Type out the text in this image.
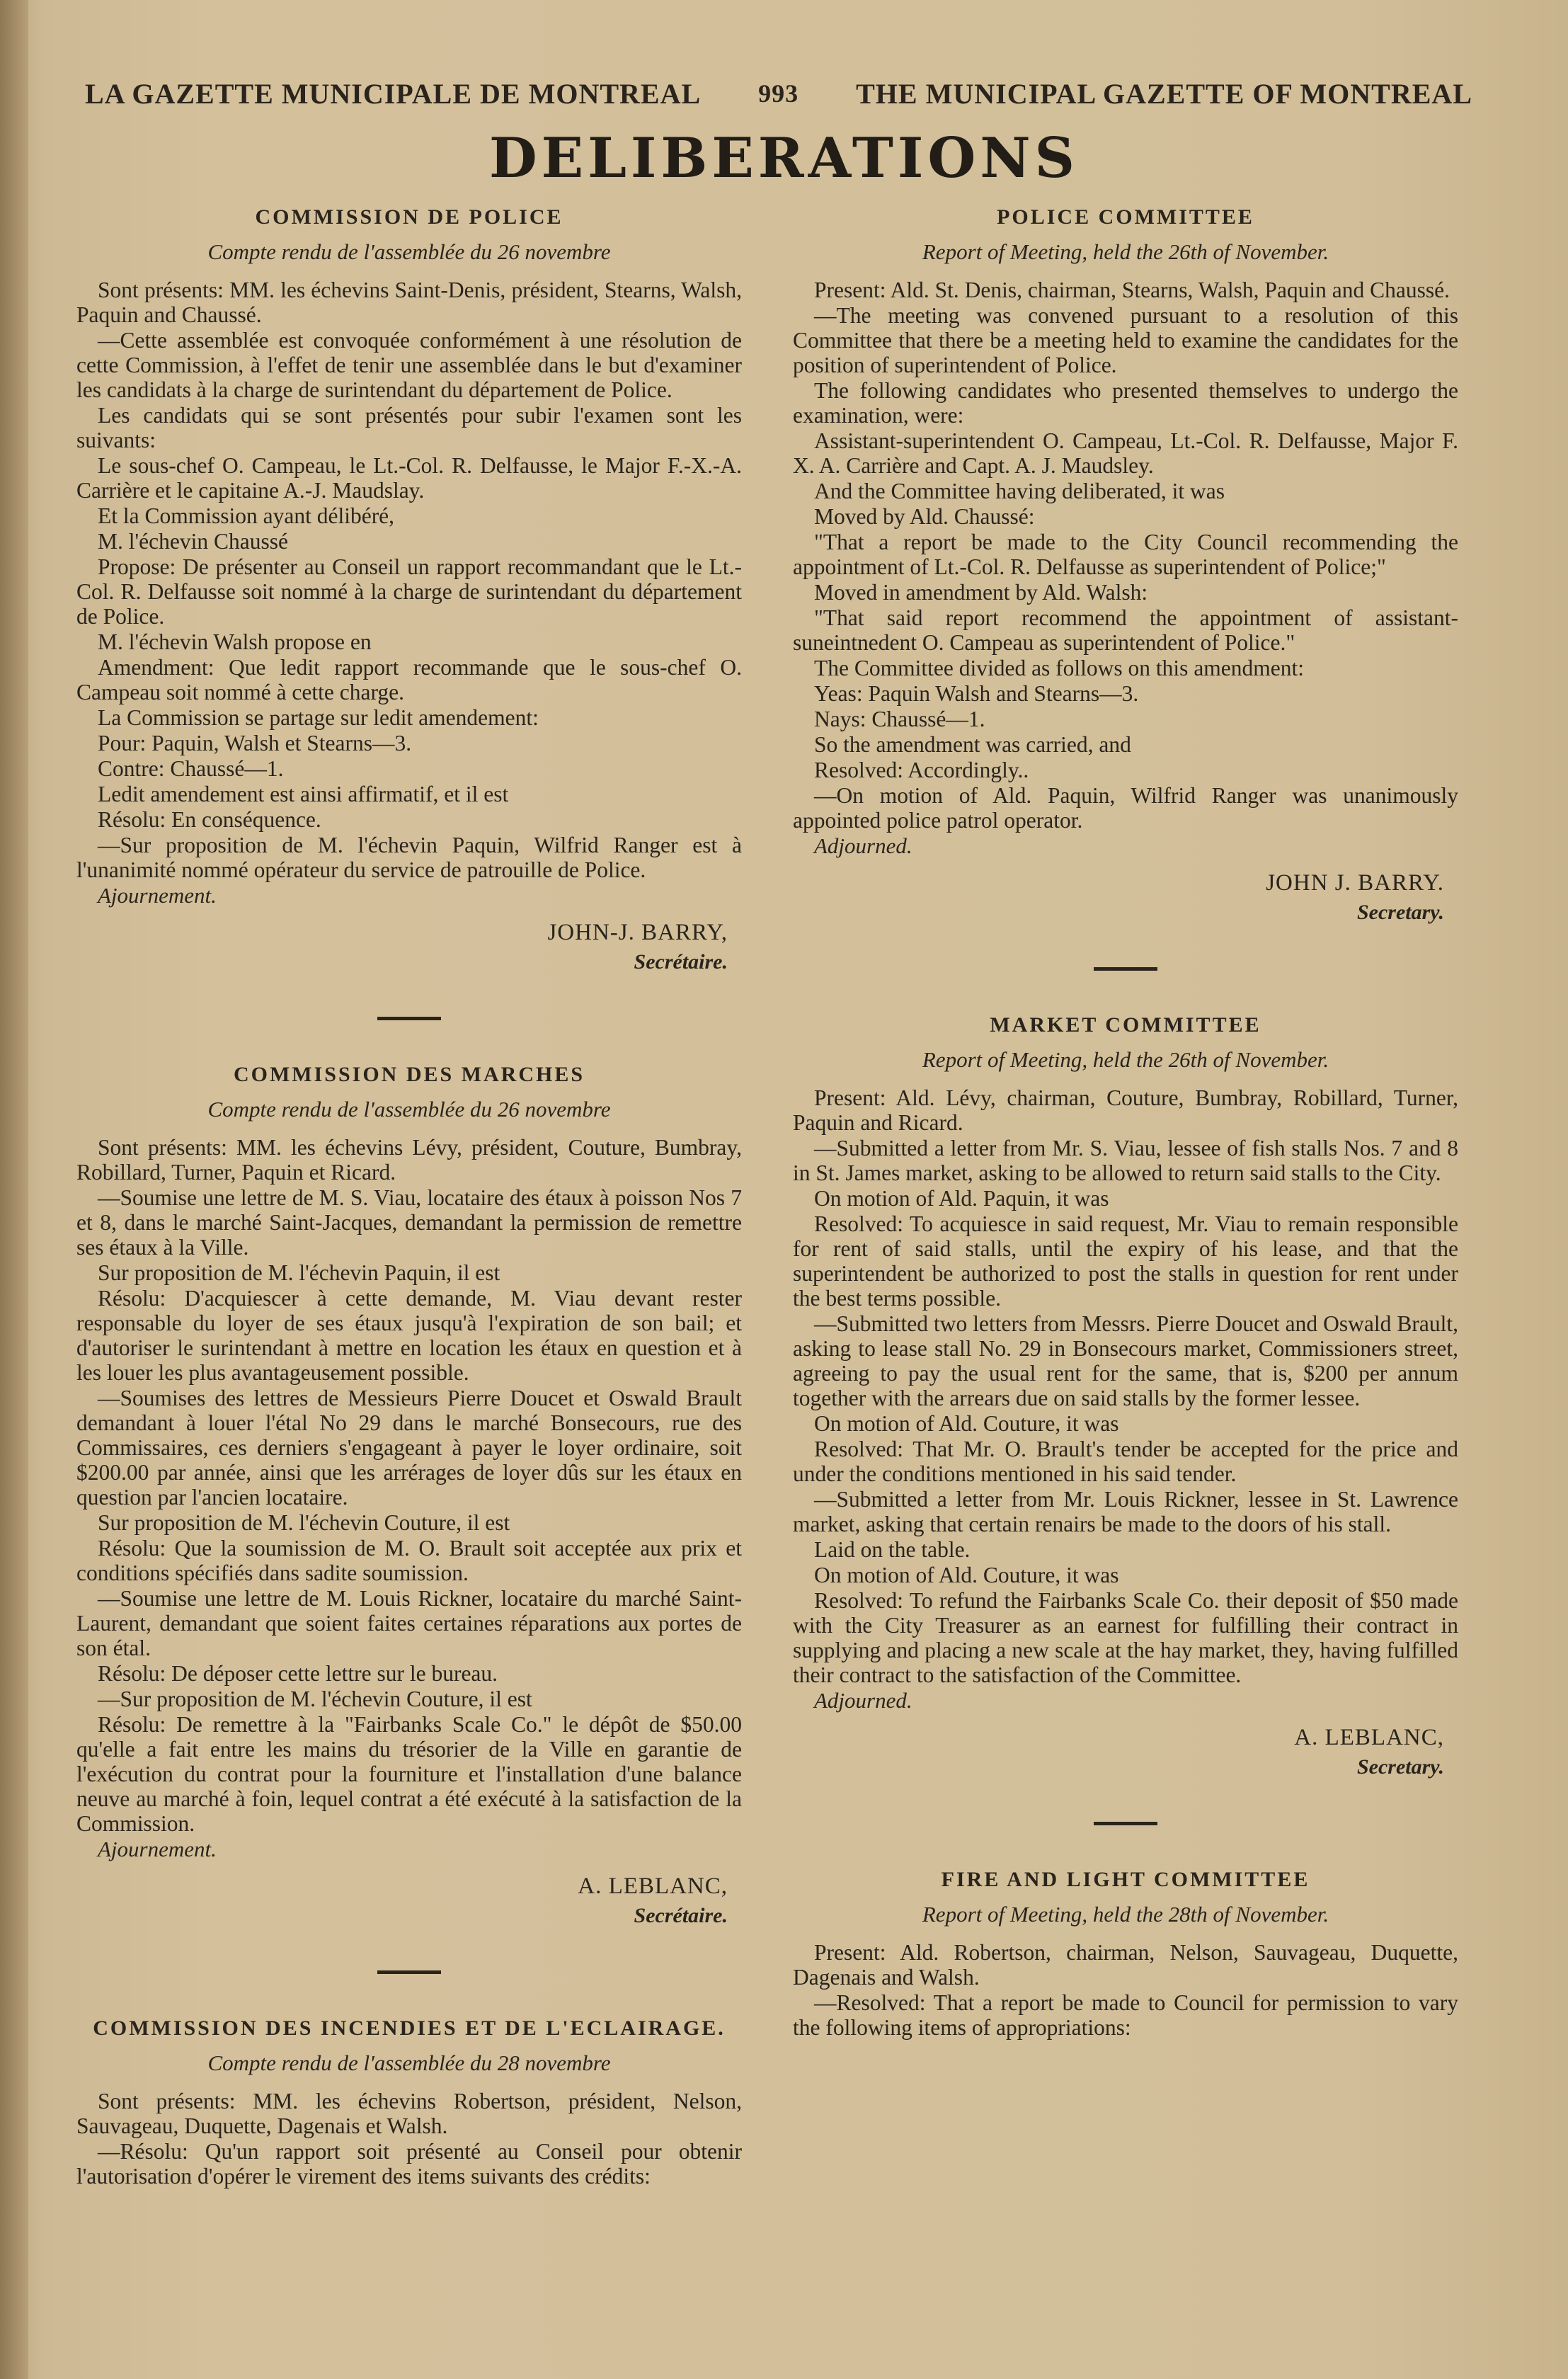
LA GAZETTE MUNICIPALE DE MONTREAL 993 THE MUNICIPAL GAZETTE OF MONTREAL
DELIBERATIONS
COMMISSION DE POLICE
Compte rendu de l'assemblée du 26 novembre

Sont présents: MM. les échevins Saint-Denis, président, Stearns, Walsh, Paquin and Chaussé.

—Cette assemblée est convoquée conformément à une résolution de cette Commission, à l'effet de tenir une assemblée dans le but d'examiner les candidats à la charge de surintendant du département de Police.

Les candidats qui se sont présentés pour subir l'examen sont les suivants:

Le sous-chef O. Campeau, le Lt.-Col. R. Delfausse, le Major F.-X.-A. Carrière et le capitaine A.-J. Maudslay.

Et la Commission ayant délibéré,

M. l'échevin Chaussé

Propose: De présenter au Conseil un rapport recommandant que le Lt.-Col. R. Delfausse soit nommé à la charge de surintendant du département de Police.

M. l'échevin Walsh propose en

Amendment: Que ledit rapport recommande que le sous-chef O. Campeau soit nommé à cette charge.

La Commission se partage sur ledit amendement:

Pour: Paquin, Walsh et Stearns—3.

Contre: Chaussé—1.

Ledit amendement est ainsi affirmatif, et il est

Résolu: En conséquence.

—Sur proposition de M. l'échevin Paquin, Wilfrid Ranger est à l'unanimité nommé opérateur du service de patrouille de Police.

Ajournement.
JOHN-J. BARRY,
Secrétaire.
COMMISSION DES MARCHES
Compte rendu de l'assemblée du 26 novembre

Sont présents: MM. les échevins Lévy, président, Couture, Bumbray, Robillard, Turner, Paquin et Ricard.

—Soumise une lettre de M. S. Viau, locataire des étaux à poisson Nos 7 et 8, dans le marché Saint-Jacques, demandant la permission de remettre ses étaux à la Ville.

Sur proposition de M. l'échevin Paquin, il est

Résolu: D'acquiescer à cette demande, M. Viau devant rester responsable du loyer de ses étaux jusqu'à l'expiration de son bail; et d'autoriser le surintendant à mettre en location les étaux en question et à les louer les plus avantageusement possible.

—Soumises des lettres de Messieurs Pierre Doucet et Oswald Brault demandant à louer l'étal No 29 dans le marché Bonsecours, rue des Commissaires, ces derniers s'engageant à payer le loyer ordinaire, soit $200.00 par année, ainsi que les arrérages de loyer dûs sur les étaux en question par l'ancien locataire.

Sur proposition de M. l'échevin Couture, il est

Résolu: Que la soumission de M. O. Brault soit acceptée aux prix et conditions spécifiés dans sadite soumission.

—Soumise une lettre de M. Louis Rickner, locataire du marché Saint-Laurent, demandant que soient faites certaines réparations aux portes de son étal.

Résolu: De déposer cette lettre sur le bureau.

—Sur proposition de M. l'échevin Couture, il est

Résolu: De remettre à la "Fairbanks Scale Co." le dépôt de $50.00 qu'elle a fait entre les mains du trésorier de la Ville en garantie de l'exécution du contrat pour la fourniture et l'installation d'une balance neuve au marché à foin, lequel contrat a été exécuté à la satisfaction de la Commission.

Ajournement.
A. LEBLANC,
Secrétaire.
COMMISSION DES INCENDIES ET DE L'ECLAIRAGE.
Compte rendu de l'assemblée du 28 novembre

Sont présents: MM. les échevins Robertson, président, Nelson, Sauvageau, Duquette, Dagenais et Walsh.

—Résolu: Qu'un rapport soit présenté au Conseil pour obtenir l'autorisation d'opérer le virement des items suivants des crédits:

POLICE COMMITTEE
Report of Meeting, held the 26th of November.

Present: Ald. St. Denis, chairman, Stearns, Walsh, Paquin and Chaussé.

—The meeting was convened pursuant to a resolution of this Committee that there be a meeting held to examine the candidates for the position of superintendent of Police.

The following candidates who presented themselves to undergo the examination, were:

Assistant-superintendent O. Campeau, Lt.-Col. R. Delfausse, Major F. X. A. Carrière and Capt. A. J. Maudsley.

And the Committee having deliberated, it was

Moved by Ald. Chaussé:

"That a report be made to the City Council recommending the appointment of Lt.-Col. R. Delfausse as superintendent of Police;"

Moved in amendment by Ald. Walsh:

"That said report recommend the appointment of assistant-suneintnedent O. Campeau as superintendent of Police."

The Committee divided as follows on this amendment:

Yeas: Paquin Walsh and Stearns—3.

Nays: Chaussé—1.

So the amendment was carried, and

Resolved: Accordingly..

—On motion of Ald. Paquin, Wilfrid Ranger was unanimously appointed police patrol operator.

Adjourned.
JOHN J. BARRY.
Secretary.
MARKET COMMITTEE
Report of Meeting, held the 26th of November.

Present: Ald. Lévy, chairman, Couture, Bumbray, Robillard, Turner, Paquin and Ricard.

—Submitted a letter from Mr. S. Viau, lessee of fish stalls Nos. 7 and 8 in St. James market, asking to be allowed to return said stalls to the City.

On motion of Ald. Paquin, it was

Resolved: To acquiesce in said request, Mr. Viau to remain responsible for rent of said stalls, until the expiry of his lease, and that the superintendent be authorized to post the stalls in question for rent under the best terms possible.

—Submitted two letters from Messrs. Pierre Doucet and Oswald Brault, asking to lease stall No. 29 in Bonsecours market, Commissioners street, agreeing to pay the usual rent for the same, that is, $200 per annum together with the arrears due on said stalls by the former lessee.

On motion of Ald. Couture, it was

Resolved: That Mr. O. Brault's tender be accepted for the price and under the conditions mentioned in his said tender.

—Submitted a letter from Mr. Louis Rickner, lessee in St. Lawrence market, asking that certain renairs be made to the doors of his stall.

Laid on the table.

On motion of Ald. Couture, it was

Resolved: To refund the Fairbanks Scale Co. their deposit of $50 made with the City Treasurer as an earnest for fulfilling their contract in supplying and placing a new scale at the hay market, they, having fulfilled their contract to the satisfaction of the Committee.

Adjourned.
A. LEBLANC,
Secretary.
FIRE AND LIGHT COMMITTEE
Report of Meeting, held the 28th of November.

Present: Ald. Robertson, chairman, Nelson, Sauvageau, Duquette, Dagenais and Walsh.

—Resolved: That a report be made to Council for permission to vary the following items of appropriations:
